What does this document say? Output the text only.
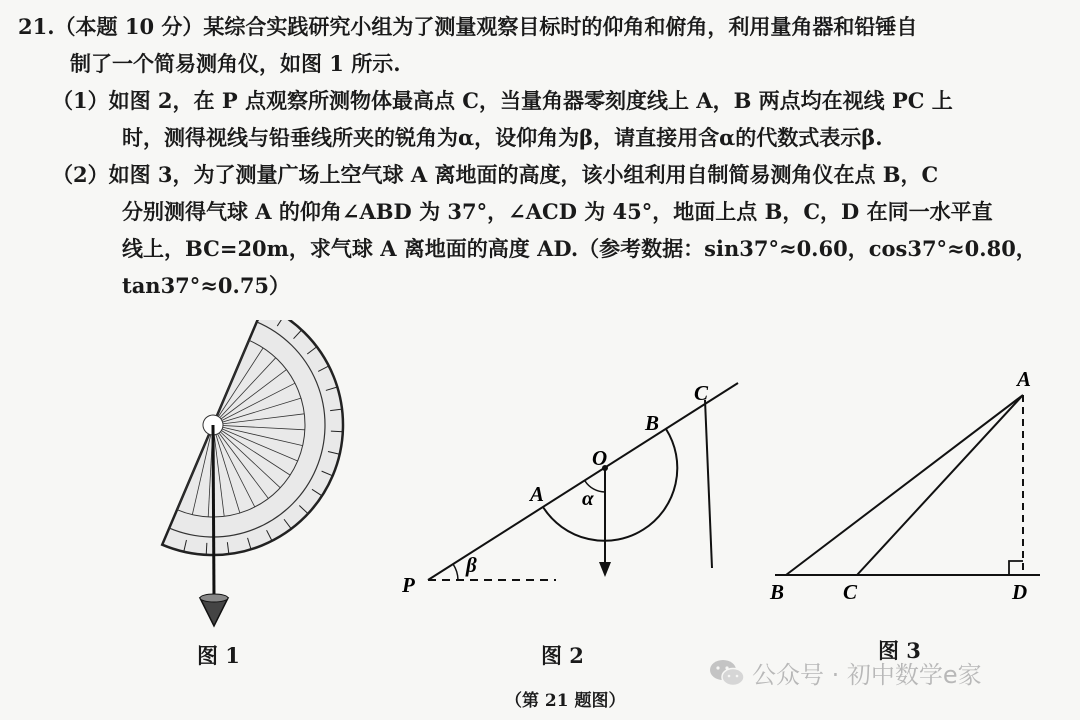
21.（本题 10 分）某综合实践研究小组为了测量观察目标时的仰角和俯角，利用量角器和铅锤自
制了一个简易测角仪，如图 1 所示.
（1）如图 2，在 P 点观察所测物体最高点 C，当量角器零刻度线上 A，B 两点均在视线 PC 上
时，测得视线与铅垂线所夹的锐角为α，设仰角为β，请直接用含α的代数式表示β.
（2）如图 3，为了测量广场上空气球 A 离地面的高度，该小组利用自制简易测角仪在点 B，C
分别测得气球 A 的仰角∠ABD 为 37°，∠ACD 为 45°，地面上点 B，C，D 在同一水平直
线上，BC=20m，求气球 A 离地面的高度 AD.（参考数据：sin37°≈0.60，cos37°≈0.80，
tan37°≈0.75）
图 1
P
A
B
C
O
α
β
图 2
A
B	C	D
图 3
（第 21 题图）
公众号 · 初中数学e家
